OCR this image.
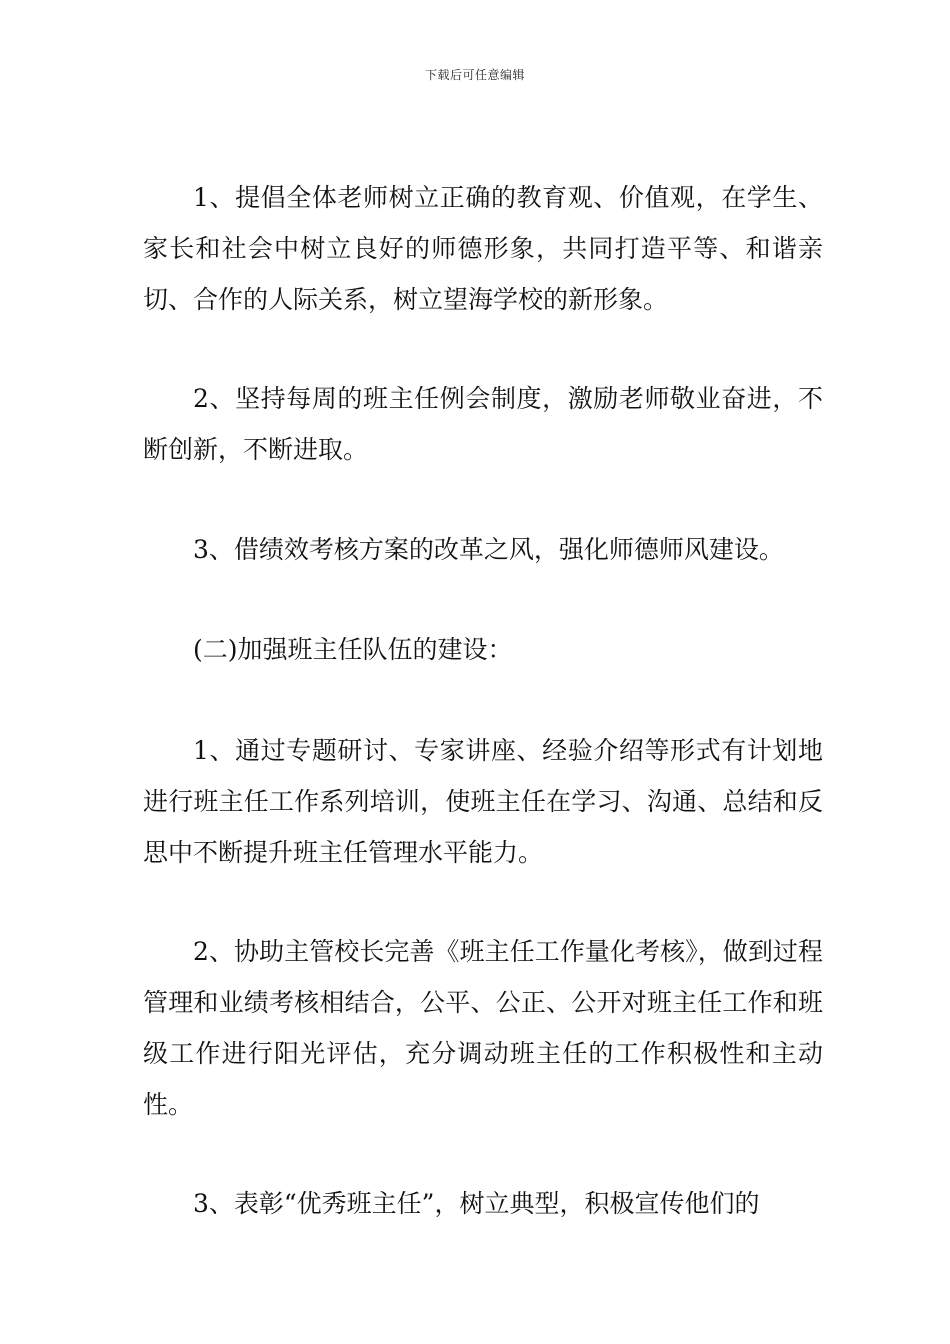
下载后可任意编辑

1、提倡全体老师树立正确的教育观、价值观，在学生、家长和社会中树立良好的师德形象，共同打造平等、和谐亲切、合作的人际关系，树立望海学校的新形象。

2、坚持每周的班主任例会制度，激励老师敬业奋进，不断创新，不断进取。

3、借绩效考核方案的改革之风，强化师德师风建设。

(二)加强班主任队伍的建设：

1、通过专题研讨、专家讲座、经验介绍等形式有计划地进行班主任工作系列培训，使班主任在学习、沟通、总结和反思中不断提升班主任管理水平能力。

2、协助主管校长完善《班主任工作量化考核》，做到过程管理和业绩考核相结合，公平、公正、公开对班主任工作和班级工作进行阳光评估，充分调动班主任的工作积极性和主动性。

3、表彰“优秀班主任”，树立典型，积极宣传他们的
